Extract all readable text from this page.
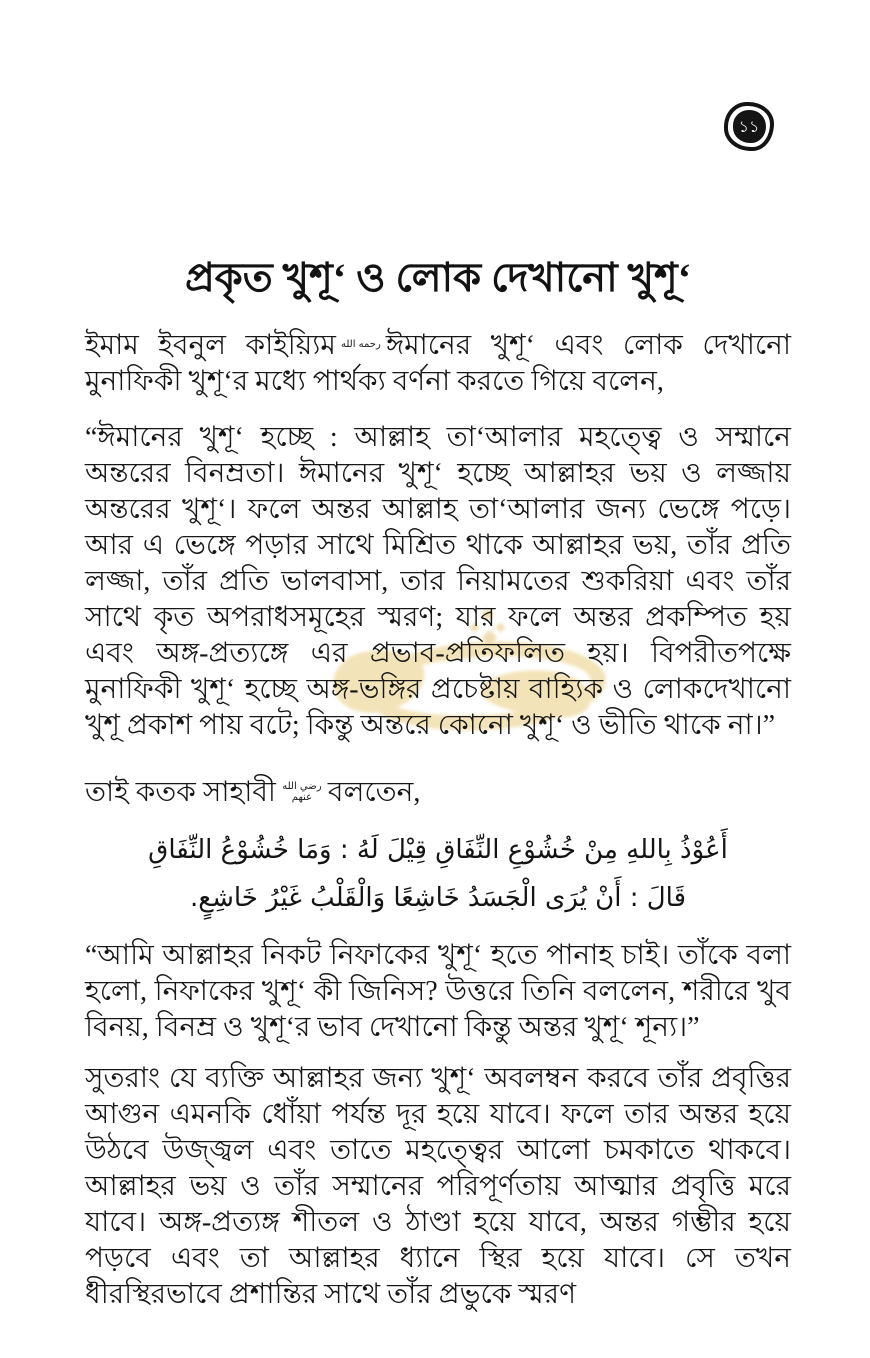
১১
প্রকৃত খুশূ‘ ও লোক দেখানো খুশূ‘

ইমাম ইবনুল কাইয়্যিম رحمه الله ঈমানের খুশূ‘ এবং লোক দেখানো মুনাফিকী খুশূ‘র মধ্যে পার্থক্য বর্ণনা করতে গিয়ে বলেন,

“ঈমানের খুশূ‘ হচ্ছে : আল্লাহ তা‘আলার মহত্ত্বে ও সম্মানে অন্তরের বিনম্রতা। ঈমানের খুশূ‘ হচ্ছে আল্লাহর ভয় ও লজ্জায় অন্তরের খুশূ‘। ফলে অন্তর আল্লাহ তা‘আলার জন্য ভেঙ্গে পড়ে। আর এ ভেঙ্গে পড়ার সাথে মিশ্রিত থাকে আল্লাহর ভয়, তাঁর প্রতি লজ্জা, তাঁর প্রতি ভালবাসা, তার নিয়ামতের শুকরিয়া এবং তাঁর সাথে কৃত অপরাধসমূহের স্মরণ; যার ফলে অন্তর প্রকম্পিত হয় এবং অঙ্গ-প্রত্যঙ্গে এর প্রভাব-প্রতিফলিত হয়। বিপরীতপক্ষে মুনাফিকী খুশূ‘ হচ্ছে অঙ্গ-ভঙ্গির প্রচেষ্টায় বাহ্যিক ও লোকদেখানো খুশূ প্রকাশ পায় বটে; কিন্তু অন্তরে কোনো খুশূ‘ ও ভীতি থাকে না।”

তাই কতক সাহাবী رضي الله عنهم বলতেন,

أَعُوْذُ بِاللهِ مِنْ خُشُوْعِ النِّفَاقِ قِيْلَ لَهُ : وَمَا خُشُوْعُ النِّفَاقِ
قَالَ : أَنْ يُرَى الْجَسَدُ خَاشِعًا وَالْقَلْبُ غَيْرُ خَاشِعٍ.

“আমি আল্লাহর নিকট নিফাকের খুশূ‘ হতে পানাহ চাই। তাঁকে বলা হলো, নিফাকের খুশূ‘ কী জিনিস? উত্তরে তিনি বললেন, শরীরে খুব বিনয়, বিনম্র ও খুশূ‘র ভাব দেখানো কিন্তু অন্তর খুশূ‘ শূন্য।”

সুতরাং যে ব্যক্তি আল্লাহর জন্য খুশূ‘ অবলম্বন করবে তাঁর প্রবৃত্তির আগুন এমনকি ধোঁয়া পর্যন্ত দূর হয়ে যাবে। ফলে তার অন্তর হয়ে উঠবে উজ্জ্বল এবং তাতে মহত্ত্বের আলো চমকাতে থাকবে। আল্লাহর ভয় ও তাঁর সম্মানের পরিপূর্ণতায় আত্মার প্রবৃত্তি মরে যাবে। অঙ্গ-প্রত্যঙ্গ শীতল ও ঠাণ্ডা হয়ে যাবে, অন্তর গম্ভীর হয়ে পড়বে এবং তা আল্লাহর ধ্যানে স্থির হয়ে যাবে। সে তখন ধীরস্থিরভাবে প্রশান্তির সাথে তাঁর প্রভুকে স্মরণ
